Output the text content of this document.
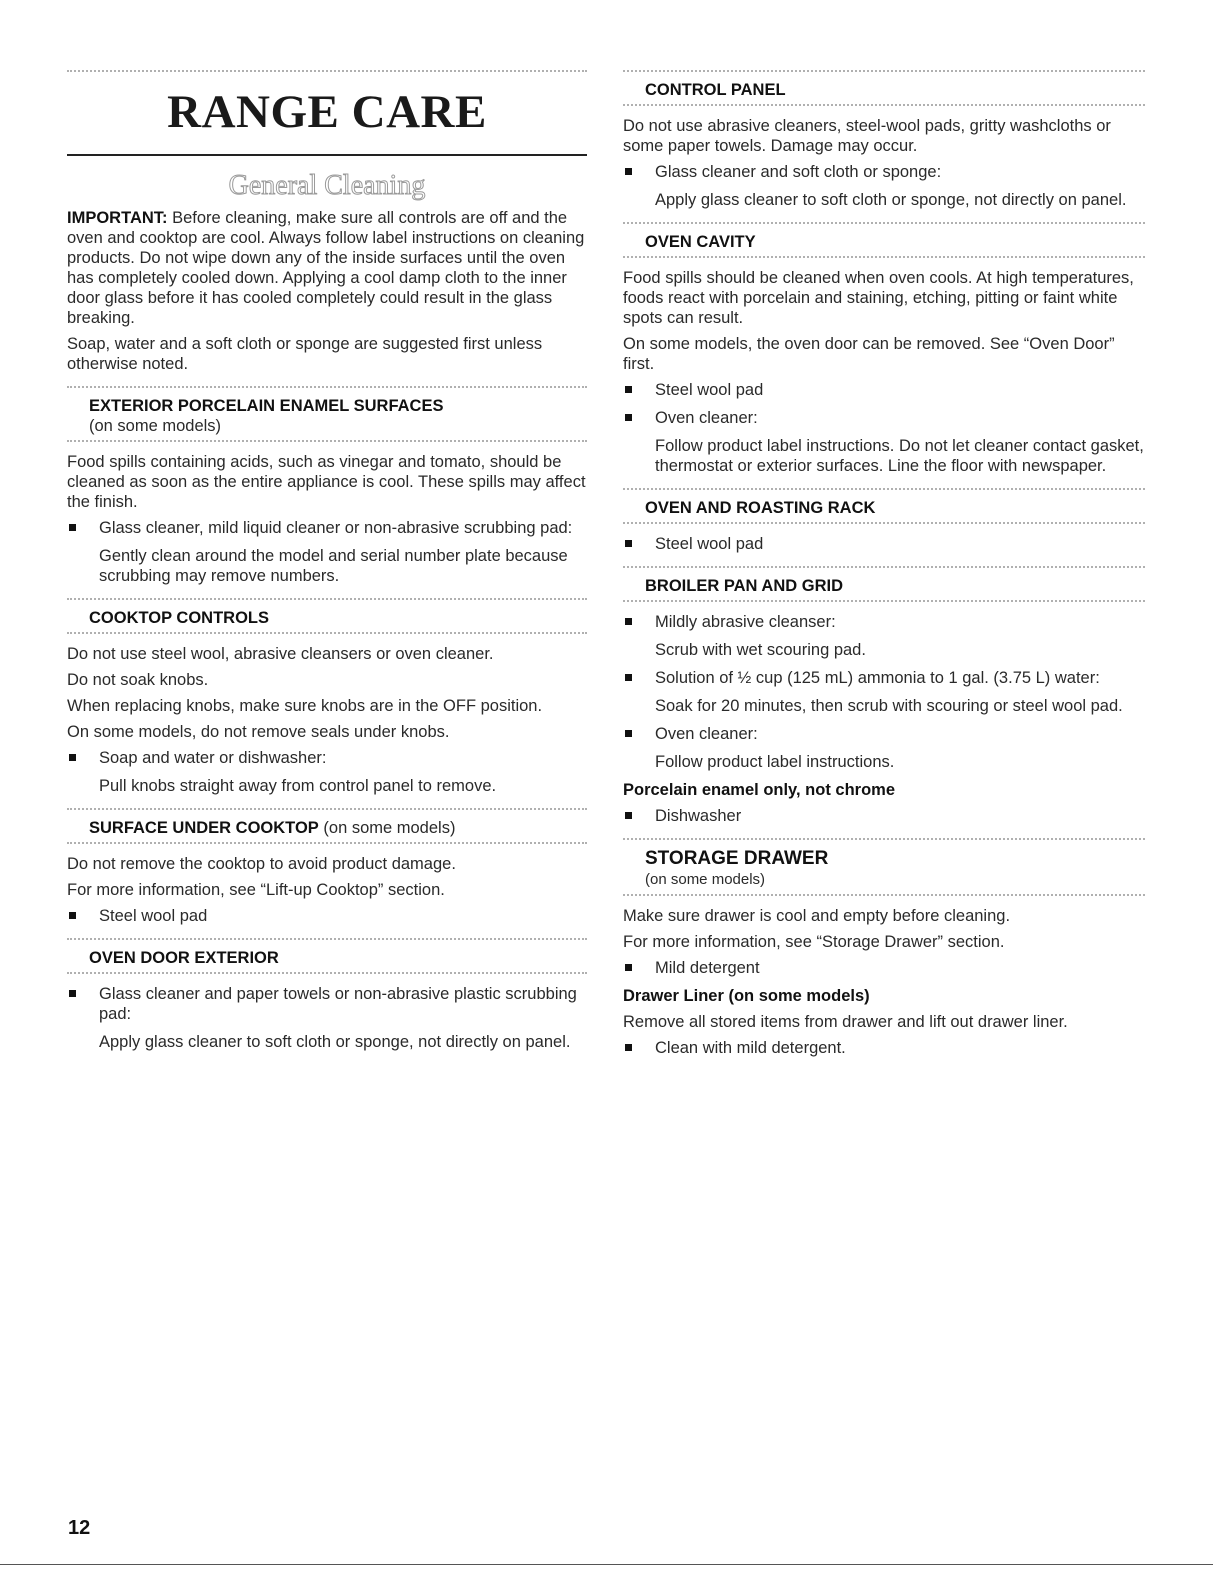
RANGE CARE
General Cleaning

IMPORTANT: Before cleaning, make sure all controls are off and the oven and cooktop are cool. Always follow label instructions on cleaning products. Do not wipe down any of the inside surfaces until the oven has completely cooled down. Applying a cool damp cloth to the inner door glass before it has cooled completely could result in the glass breaking.

Soap, water and a soft cloth or sponge are suggested first unless otherwise noted.

EXTERIOR PORCELAIN ENAMEL SURFACES
(on some models)

Food spills containing acids, such as vinegar and tomato, should be cleaned as soon as the entire appliance is cool. These spills may affect the finish.

Glass cleaner, mild liquid cleaner or non-abrasive scrubbing pad:
Gently clean around the model and serial number plate because scrubbing may remove numbers.
COOKTOP CONTROLS

Do not use steel wool, abrasive cleansers or oven cleaner.

Do not soak knobs.

When replacing knobs, make sure knobs are in the OFF position.

On some models, do not remove seals under knobs.

Soap and water or dishwasher:
Pull knobs straight away from control panel to remove.
SURFACE UNDER COOKTOP (on some models)

Do not remove the cooktop to avoid product damage.

For more information, see “Lift-up Cooktop” section.

Steel wool pad
OVEN DOOR EXTERIOR
Glass cleaner and paper towels or non-abrasive plastic scrubbing pad:
Apply glass cleaner to soft cloth or sponge, not directly on panel.
CONTROL PANEL

Do not use abrasive cleaners, steel-wool pads, gritty washcloths or some paper towels. Damage may occur.

Glass cleaner and soft cloth or sponge:
Apply glass cleaner to soft cloth or sponge, not directly on panel.
OVEN CAVITY

Food spills should be cleaned when oven cools. At high temperatures, foods react with porcelain and staining, etching, pitting or faint white spots can result.

On some models, the oven door can be removed. See “Oven Door” first.

Steel wool pad
Oven cleaner:
Follow product label instructions. Do not let cleaner contact gasket, thermostat or exterior surfaces. Line the floor with newspaper.
OVEN AND ROASTING RACK
Steel wool pad
BROILER PAN AND GRID
Mildly abrasive cleanser:
Scrub with wet scouring pad.
Solution of ½ cup (125 mL) ammonia to 1 gal. (3.75 L) water:
Soak for 20 minutes, then scrub with scouring or steel wool pad.
Oven cleaner:
Follow product label instructions.
Porcelain enamel only, not chrome
Dishwasher
STORAGE DRAWER
(on some models)

Make sure drawer is cool and empty before cleaning.

For more information, see “Storage Drawer” section.

Mild detergent
Drawer Liner (on some models)

Remove all stored items from drawer and lift out drawer liner.

Clean with mild detergent.
12
